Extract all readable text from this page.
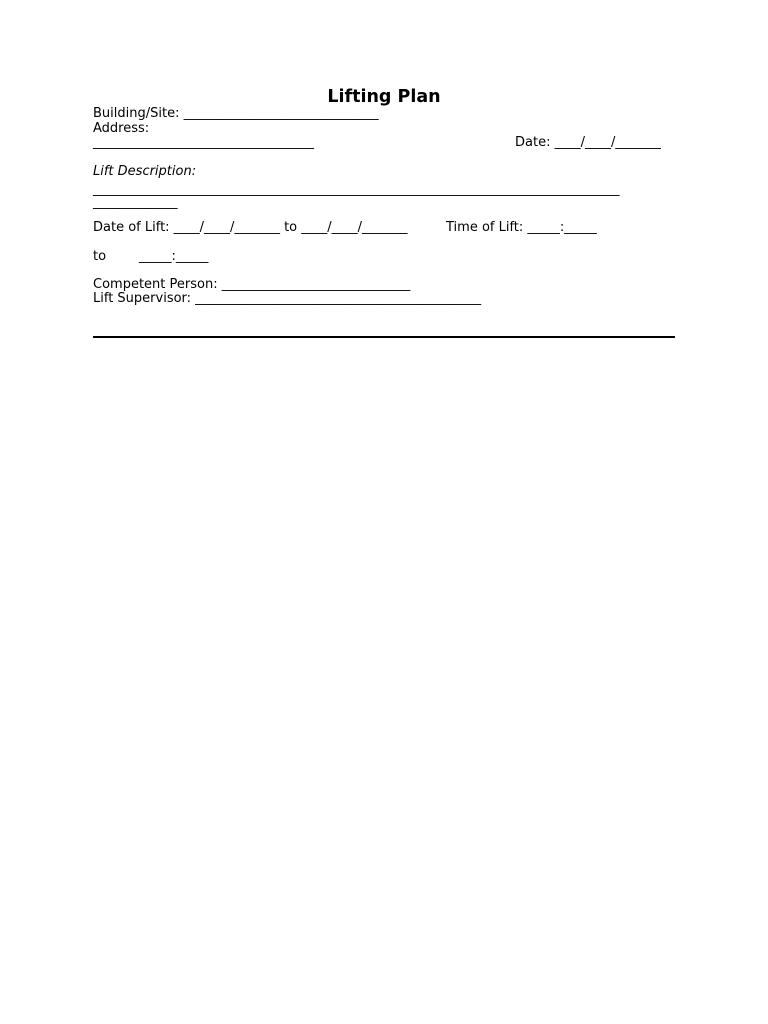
Lifting Plan
Building/Site: ______________________________
Address:
__________________________________	Date: ____/____/_______
Lift Description:
_________________________________________________________________________________
_____________
Date of Lift: ____/____/_______ to ____/____/_______	Time of Lift: _____:_____
to	_____:_____
Competent Person: _____________________________
Lift Supervisor: ____________________________________________
